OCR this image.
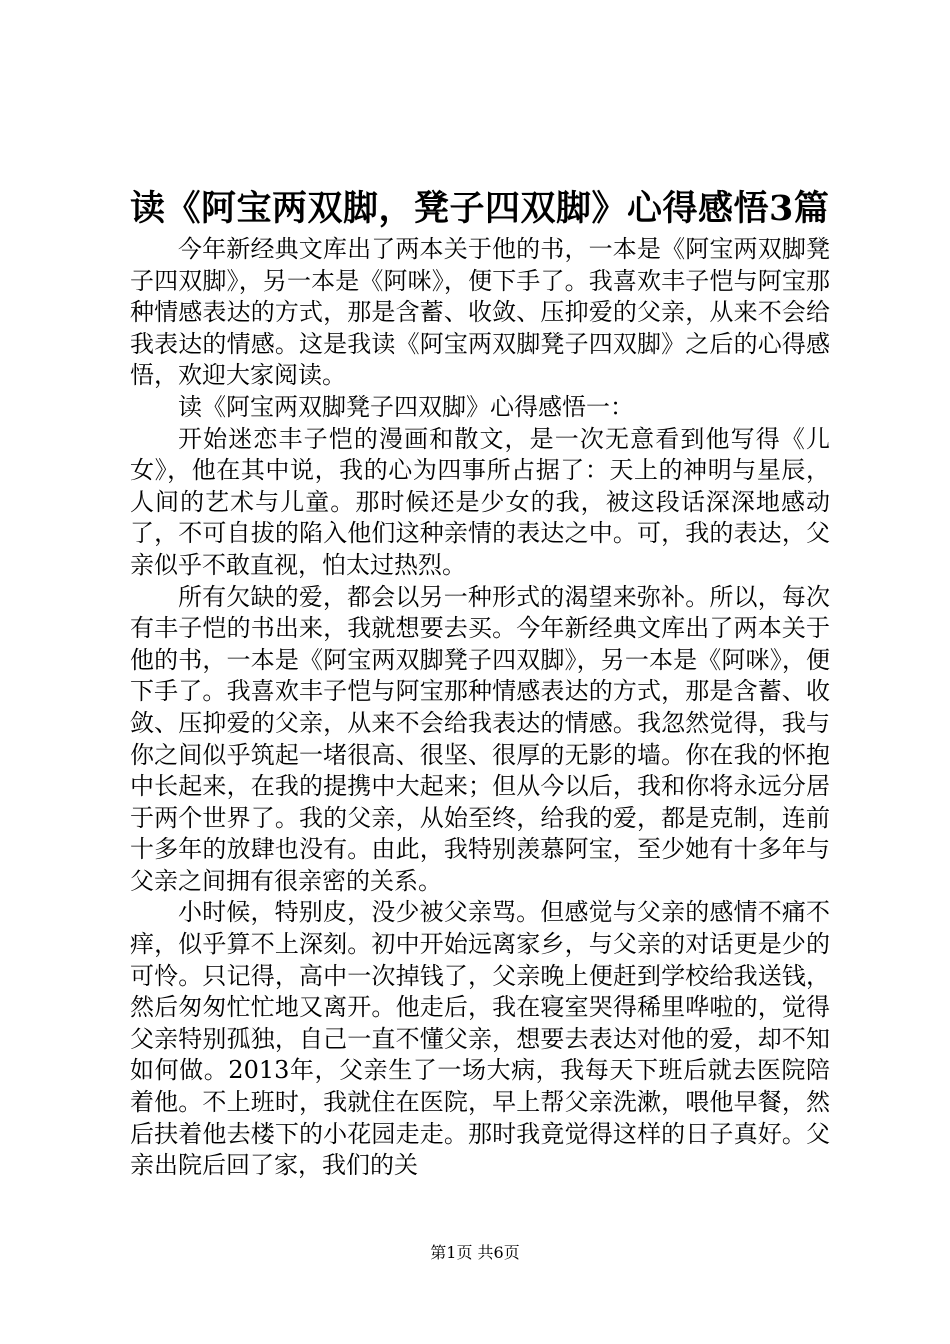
读《阿宝两双脚，凳子四双脚》心得感悟3篇

今年新经典文库出了两本关于他的书，一本是《阿宝两双脚凳子四双脚》，另一本是《阿咪》，便下手了。我喜欢丰子恺与阿宝那种情感表达的方式，那是含蓄、收敛、压抑爱的父亲，从来不会给我表达的情感。这是我读《阿宝两双脚凳子四双脚》之后的心得感悟，欢迎大家阅读。

读《阿宝两双脚凳子四双脚》心得感悟一：

开始迷恋丰子恺的漫画和散文，是一次无意看到他写得《儿女》，他在其中说，我的心为四事所占据了：天上的神明与星辰，人间的艺术与儿童。那时候还是少女的我，被这段话深深地感动了，不可自拔的陷入他们这种亲情的表达之中。可，我的表达，父亲似乎不敢直视，怕太过热烈。

所有欠缺的爱，都会以另一种形式的渴望来弥补。所以，每次有丰子恺的书出来，我就想要去买。今年新经典文库出了两本关于他的书，一本是《阿宝两双脚凳子四双脚》，另一本是《阿咪》，便下手了。我喜欢丰子恺与阿宝那种情感表达的方式，那是含蓄、收敛、压抑爱的父亲，从来不会给我表达的情感。我忽然觉得，我与你之间似乎筑起一堵很高、很坚、很厚的无影的墙。你在我的怀抱中长起来，在我的提携中大起来；但从今以后，我和你将永远分居于两个世界了。我的父亲，从始至终，给我的爱，都是克制，连前十多年的放肆也没有。由此，我特别羡慕阿宝，至少她有十多年与父亲之间拥有很亲密的关系。

小时候，特别皮，没少被父亲骂。但感觉与父亲的感情不痛不痒，似乎算不上深刻。初中开始远离家乡，与父亲的对话更是少的可怜。只记得，高中一次掉钱了，父亲晚上便赶到学校给我送钱，然后匆匆忙忙地又离开。他走后，我在寝室哭得稀里哗啦的，觉得父亲特别孤独，自己一直不懂父亲，想要去表达对他的爱，却不知如何做。2013年，父亲生了一场大病，我每天下班后就去医院陪着他。不上班时，我就住在医院，早上帮父亲洗漱，喂他早餐，然后扶着他去楼下的小花园走走。那时我竟觉得这样的日子真好。父亲出院后回了家，我们的关

第1页 共6页
